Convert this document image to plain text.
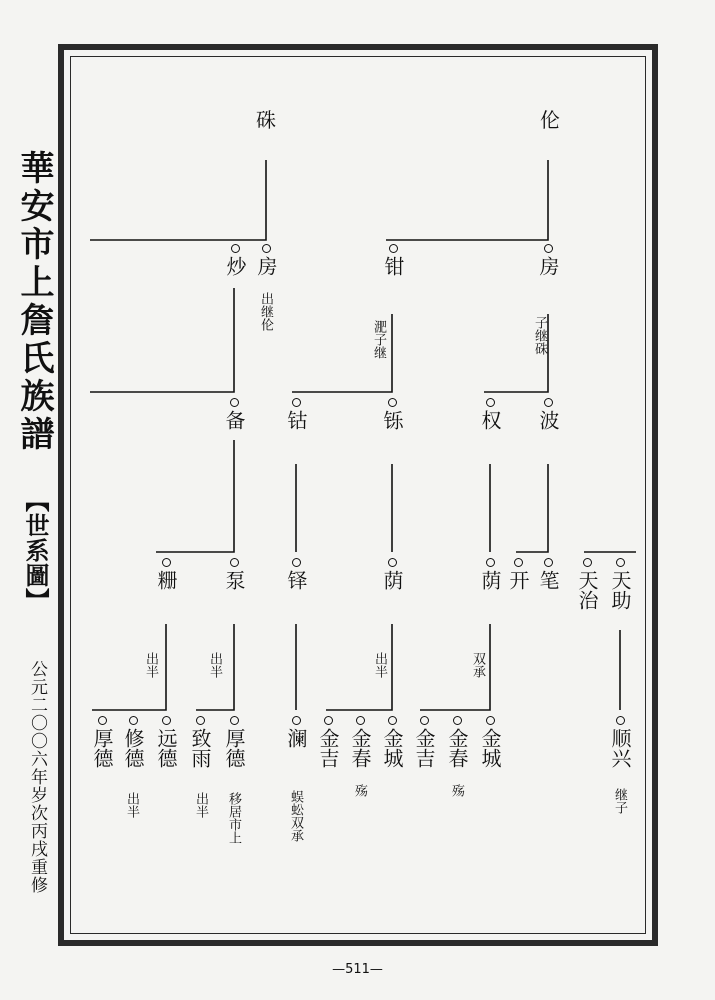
華安市上詹氏族譜
【世系圖】
公元二〇〇六年岁次丙戌重修
硃	伦
炒 房	钳	房
出继伦
淝子继	子继硃
备 钴	铄	权 波
粣 泵 铎	荫	荫 开 笔 天治 天助
出半	出半	出半	双承
厚德 修德 远德 致雨 厚德 澜 金吉 金春 金城 金吉 金春 金城	顺兴
出半	出半 移居市上	蜈蚣双承	殇	殇	继子
—511—
